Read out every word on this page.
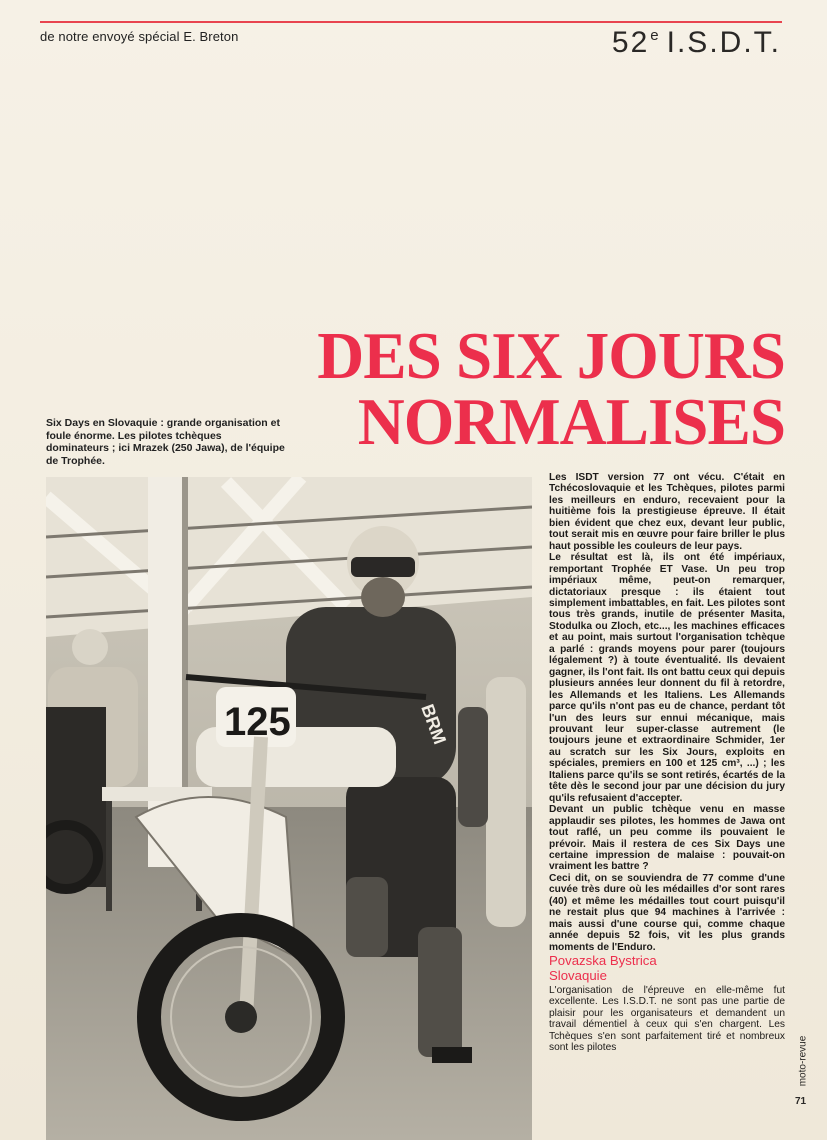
de notre envoyé spécial E. Breton	52e I.S.D.T.
DES SIX JOURS
NORMALISES
Six Days en Slovaquie : grande organisation et foule énorme. Les pilotes tchèques dominateurs ; ici Mrazek (250 Jawa), de l'équipe de Trophée.
BRM
125

Les ISDT version 77 ont vécu. C'était en Tchécoslovaquie et les Tchèques, pilotes parmi les meilleurs en enduro, recevaient pour la huitième fois la prestigieuse épreuve. Il était bien évident que chez eux, devant leur public, tout serait mis en œuvre pour faire briller le plus haut possible les couleurs de leur pays.

Le résultat est là, ils ont été impériaux, remportant Trophée ET Vase. Un peu trop impériaux même, peut-on remarquer, dictatoriaux presque : ils étaient tout simplement imbattables, en fait. Les pilotes sont tous très grands, inutile de présenter Masita, Stodulka ou Zloch, etc..., les machines efficaces et au point, mais surtout l'organisation tchèque a parlé : grands moyens pour parer (toujours légalement ?) à toute éventualité. Ils devaient gagner, ils l'ont fait. Ils ont battu ceux qui depuis plusieurs années leur donnent du fil à retordre, les Allemands et les Italiens. Les Allemands parce qu'ils n'ont pas eu de chance, perdant tôt l'un des leurs sur ennui mécanique, mais prouvant leur super-classe autrement (le toujours jeune et extraordinaire Schmider, 1er au scratch sur les Six Jours, exploits en spéciales, premiers en 100 et 125 cm³, ...) ; les Italiens parce qu'ils se sont retirés, écartés de la tête dès le second jour par une décision du jury qu'ils refusaient d'accepter.

Devant un public tchèque venu en masse applaudir ses pilotes, les hommes de Jawa ont tout raflé, un peu comme ils pouvaient le prévoir. Mais il restera de ces Six Days une certaine impression de malaise : pouvait-on vraiment les battre ?

Ceci dit, on se souviendra de 77 comme d'une cuvée très dure où les médailles d'or sont rares (40) et même les médailles tout court puisqu'il ne restait plus que 94 machines à l'arrivée : mais aussi d'une course qui, comme chaque année depuis 52 fois, vit les plus grands moments de l'Enduro.

Povazska Bystrica
Slovaquie

L'organisation de l'épreuve en elle-même fut excellente. Les I.S.D.T. ne sont pas une partie de plaisir pour les organisateurs et demandent un travail démentiel à ceux qui s'en chargent. Les Tchèques s'en sont parfaitement tiré et nombreux sont les pilotes	moto-revue
71
